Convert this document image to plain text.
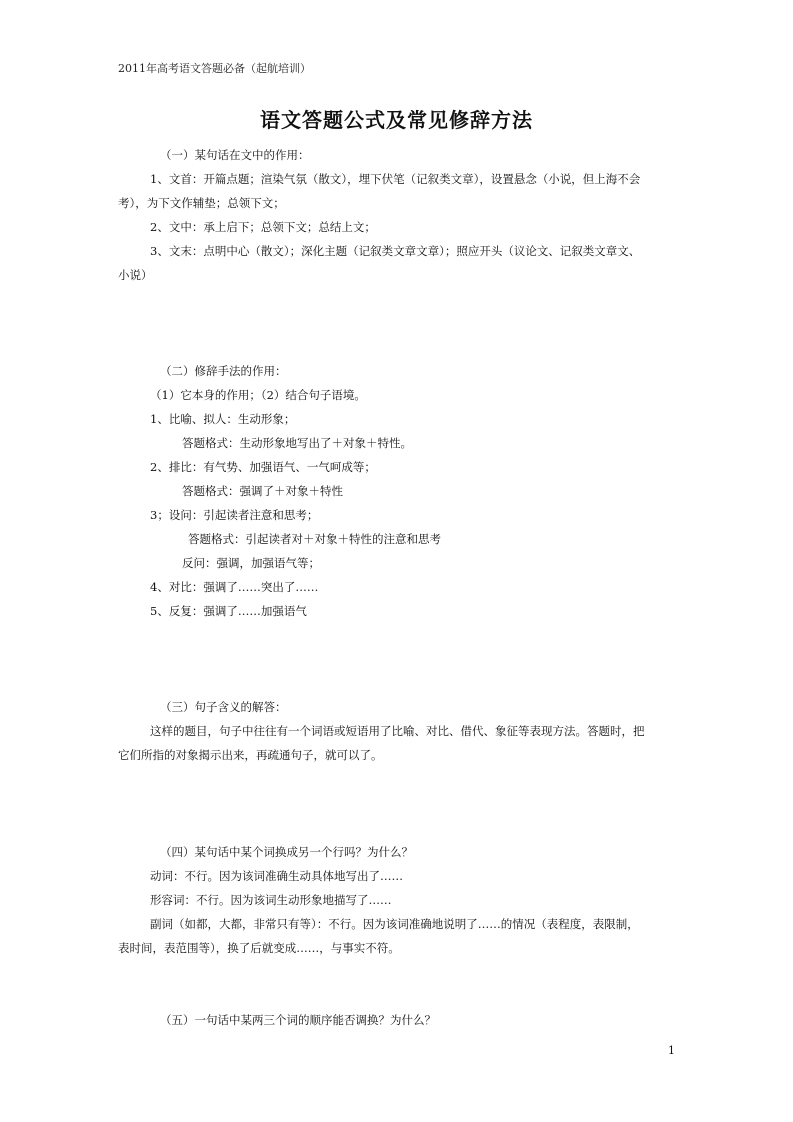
2011年高考语文答题必备（起航培训）
语文答题公式及常见修辞方法
（一）某句话在文中的作用：
1、文首：开篇点题；渲染气氛（散文），埋下伏笔（记叙类文章），设置悬念（小说，但上海不会
考），为下文作辅垫；总领下文；
2、文中：承上启下；总领下文；总结上文；
3、文末：点明中心（散文）；深化主题（记叙类文章文章）；照应开头（议论文、记叙类文章文、
小说）
（二）修辞手法的作用：
（1）它本身的作用；（2）结合句子语境。
1、比喻、拟人：生动形象；
答题格式：生动形象地写出了＋对象＋特性。
2、排比：有气势、加强语气、一气呵成等；
答题格式：强调了＋对象＋特性
3；设问：引起读者注意和思考；
答题格式：引起读者对＋对象＋特性的注意和思考
反问：强调，加强语气等；
4、对比：强调了……突出了……
5、反复：强调了……加强语气
（三）句子含义的解答：
这样的题目，句子中往往有一个词语或短语用了比喻、对比、借代、象征等表现方法。答题时，把
它们所指的对象揭示出来，再疏通句子，就可以了。
（四）某句话中某个词换成另一个行吗？为什么？
动词：不行。因为该词准确生动具体地写出了……
形容词：不行。因为该词生动形象地描写了……
副词（如都，大都，非常只有等）：不行。因为该词准确地说明了……的情况（表程度，表限制，
表时间，表范围等），换了后就变成……，与事实不符。
（五）一句话中某两三个词的顺序能否调换？为什么？
1
